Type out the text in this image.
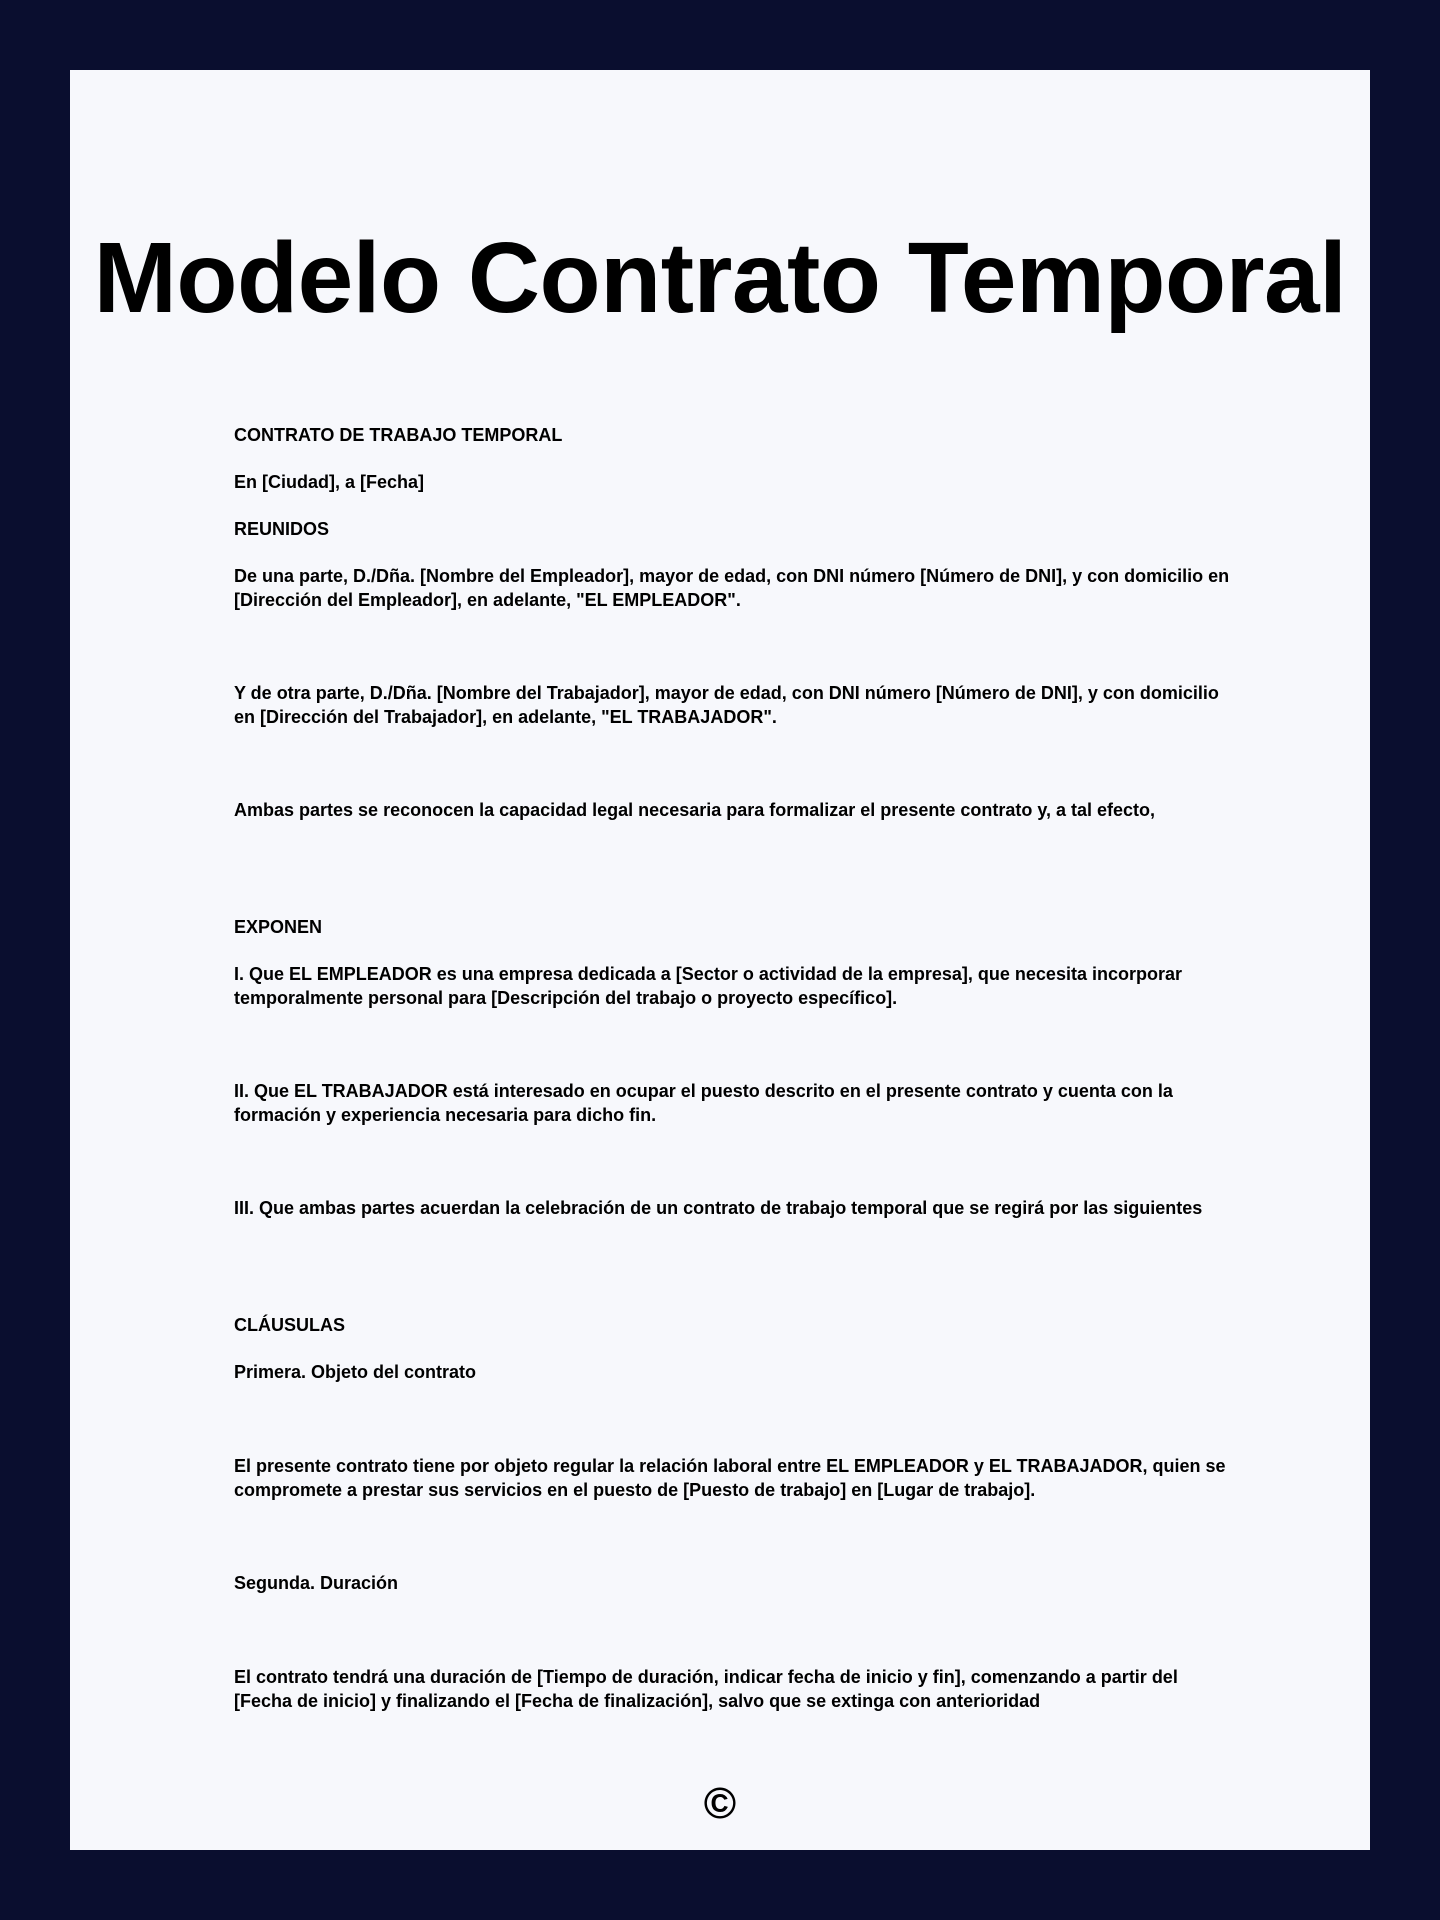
Modelo Contrato Temporal

CONTRATO DE TRABAJO TEMPORAL

En [Ciudad], a [Fecha]

REUNIDOS

De una parte, D./Dña. [Nombre del Empleador], mayor de edad, con DNI número [Número de DNI], y con domicilio en [Dirección del Empleador], en adelante, "EL EMPLEADOR".

Y de otra parte, D./Dña. [Nombre del Trabajador], mayor de edad, con DNI número [Número de DNI], y con domicilio en [Dirección del Trabajador], en adelante, "EL TRABAJADOR".

Ambas partes se reconocen la capacidad legal necesaria para formalizar el presente contrato y, a tal efecto,

EXPONEN

I. Que EL EMPLEADOR es una empresa dedicada a [Sector o actividad de la empresa], que necesita incorporar temporalmente personal para [Descripción del trabajo o proyecto específico].

II. Que EL TRABAJADOR está interesado en ocupar el puesto descrito en el presente contrato y cuenta con la formación y experiencia necesaria para dicho fin.

III. Que ambas partes acuerdan la celebración de un contrato de trabajo temporal que se regirá por las siguientes

CLÁUSULAS

Primera. Objeto del contrato

El presente contrato tiene por objeto regular la relación laboral entre EL EMPLEADOR y EL TRABAJADOR, quien se compromete a prestar sus servicios en el puesto de [Puesto de trabajo] en [Lugar de trabajo].

Segunda. Duración

El contrato tendrá una duración de [Tiempo de duración, indicar fecha de inicio y fin], comenzando a partir del [Fecha de inicio] y finalizando el [Fecha de finalización], salvo que se extinga con anterioridad

©
